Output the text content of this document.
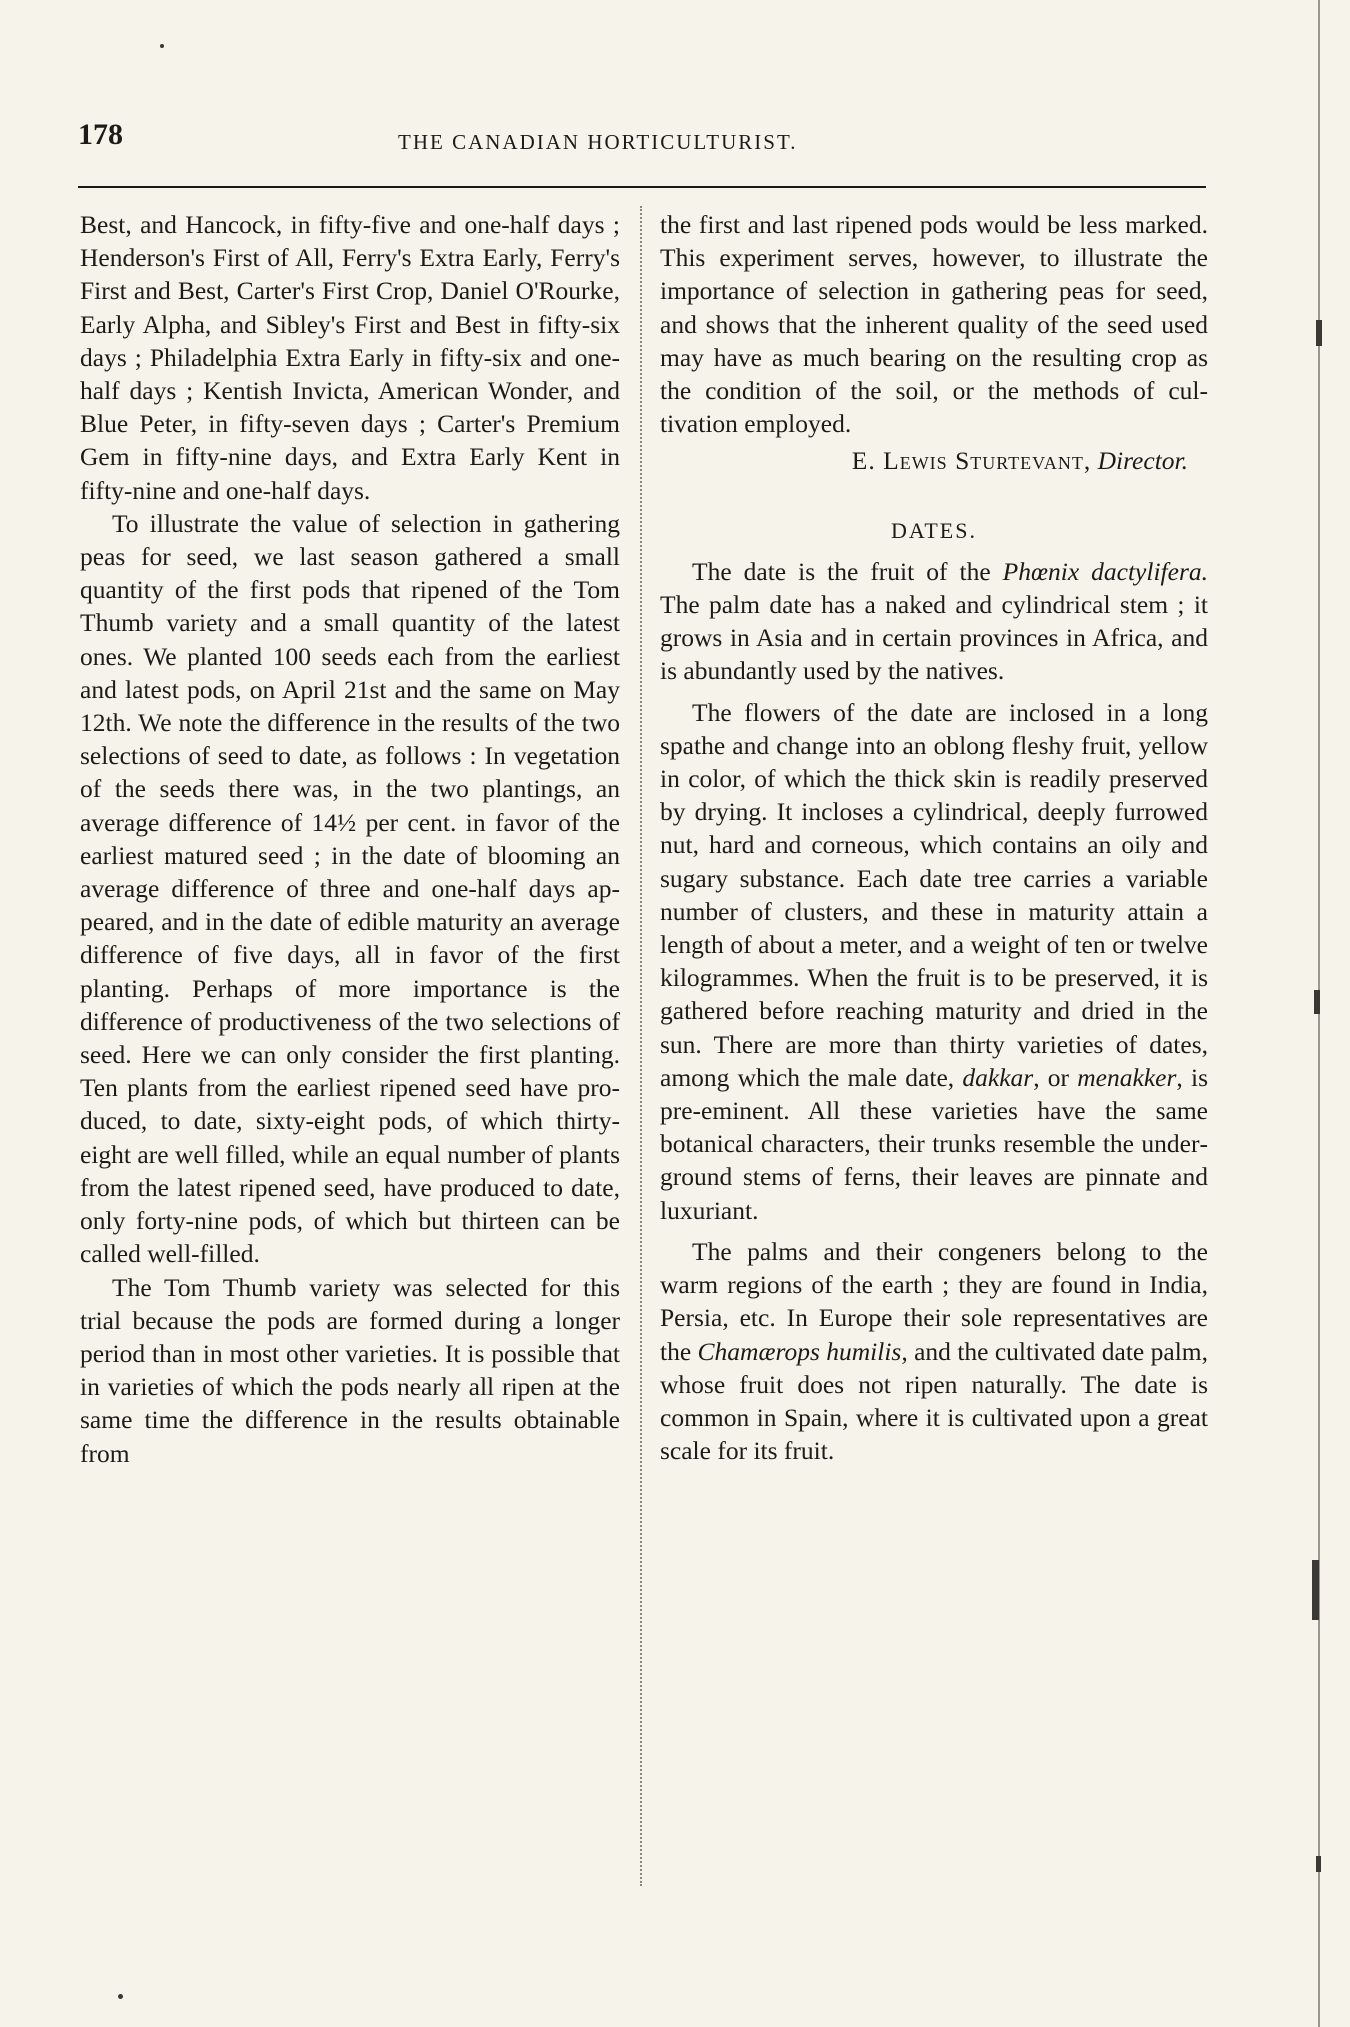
178	THE CANADIAN HORTICULTURIST.

Best, and Hancock, in fifty-five and one-half days ; Henderson's First of All, Ferry's Extra Early, Ferry's First and Best, Carter's First Crop, Daniel O'Rourke, Early Alpha, and Sibley's First and Best in fifty-six days ; Philadelphia Extra Early in fifty-six and one-half days ; Kentish Invicta, American Wonder, and Blue Peter, in fifty-seven days ; Carter's Premium Gem in fifty-nine days, and Extra Early Kent in fifty-nine and one-half days.

To illustrate the value of selection in gathering peas for seed, we last season gathered a small quantity of the first pods that ripened of the Tom Thumb variety and a small quantity of the latest ones. We planted 100 seeds each from the earliest and latest pods, on April 21st and the same on May 12th. We note the difference in the results of the two selections of seed to date, as follows : In vegetation of the seeds there was, in the two plantings, an average difference of 14½ per cent. in favor of the earliest matured seed ; in the date of blooming an average difference of three and one-half days appeared, and in the date of edible maturity an average difference of five days, all in favor of the first planting. Perhaps of more importance is the difference of productiveness of the two selections of seed. Here we can only consider the first planting. Ten plants from the earliest ripened seed have produced, to date, sixty-eight pods, of which thirty-eight are well filled, while an equal number of plants from the latest ripened seed, have produced to date, only forty-nine pods, of which but thirteen can be called well-filled.

The Tom Thumb variety was selected for this trial because the pods are formed during a longer period than in most other varieties. It is possible that in varieties of which the pods nearly all ripen at the same time the difference in the results obtainable from

the first and last ripened pods would be less marked. This experiment serves, however, to illustrate the importance of selection in gathering peas for seed, and shows that the inherent quality of the seed used may have as much bearing on the resulting crop as the condition of the soil, or the methods of cultivation employed.

E. Lewis Sturtevant, Director.

DATES.

The date is the fruit of the Phœnix dactylifera. The palm date has a naked and cylindrical stem ; it grows in Asia and in certain provinces in Africa, and is abundantly used by the natives.

The flowers of the date are inclosed in a long spathe and change into an oblong fleshy fruit, yellow in color, of which the thick skin is readily preserved by drying. It incloses a cylindrical, deeply furrowed nut, hard and corneous, which contains an oily and sugary substance. Each date tree carries a variable number of clusters, and these in maturity attain a length of about a meter, and a weight of ten or twelve kilogrammes. When the fruit is to be preserved, it is gathered before reaching maturity and dried in the sun. There are more than thirty varieties of dates, among which the male date, dakkar, or menakker, is pre-eminent. All these varieties have the same botanical characters, their trunks resemble the underground stems of ferns, their leaves are pinnate and luxuriant.

The palms and their congeners belong to the warm regions of the earth ; they are found in India, Persia, etc. In Europe their sole representatives are the Chamærops humilis, and the cultivated date palm, whose fruit does not ripen naturally. The date is common in Spain, where it is cultivated upon a great scale for its fruit.
